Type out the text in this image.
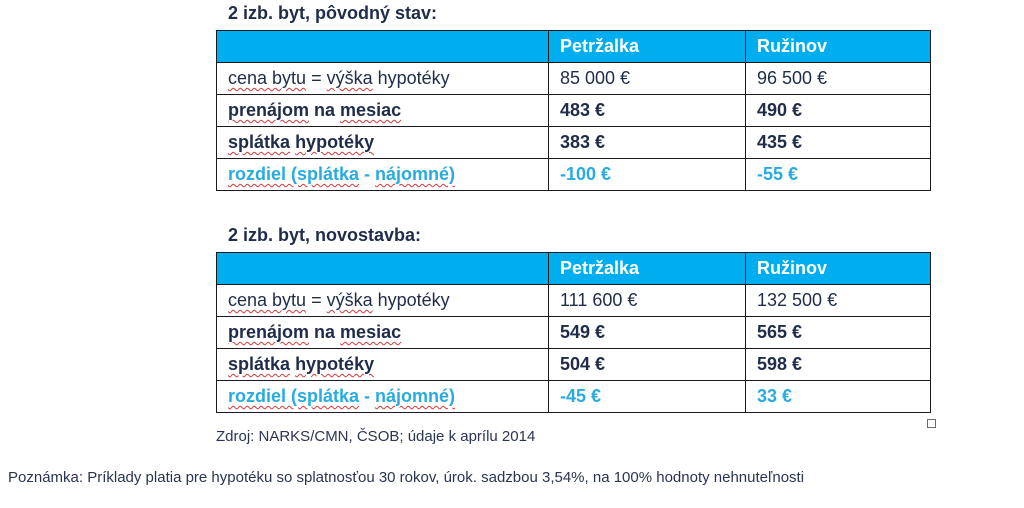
2 izb. byt, pôvodný stav:
	Petržalka	Ružinov
cena bytu = výška hypotéky	85 000 €	96 500 €
prenájom na mesiac	483 €	490 €
splátka hypotéky	383 €	435 €
rozdiel (splátka - nájomné)	-100 €	-55 €
2 izb. byt, novostavba:
	Petržalka	Ružinov
cena bytu = výška hypotéky	111 600 €	132 500 €
prenájom na mesiac	549 €	565 €
splátka hypotéky	504 €	598 €
rozdiel (splátka - nájomné)	-45 €	33 €
Zdroj: NARKS/CMN, ČSOB; údaje k aprílu 2014
Poznámka: Príklady platia pre hypotéku so splatnosťou 30 rokov, úrok. sadzbou 3,54%, na 100% hodnoty nehnuteľnosti
